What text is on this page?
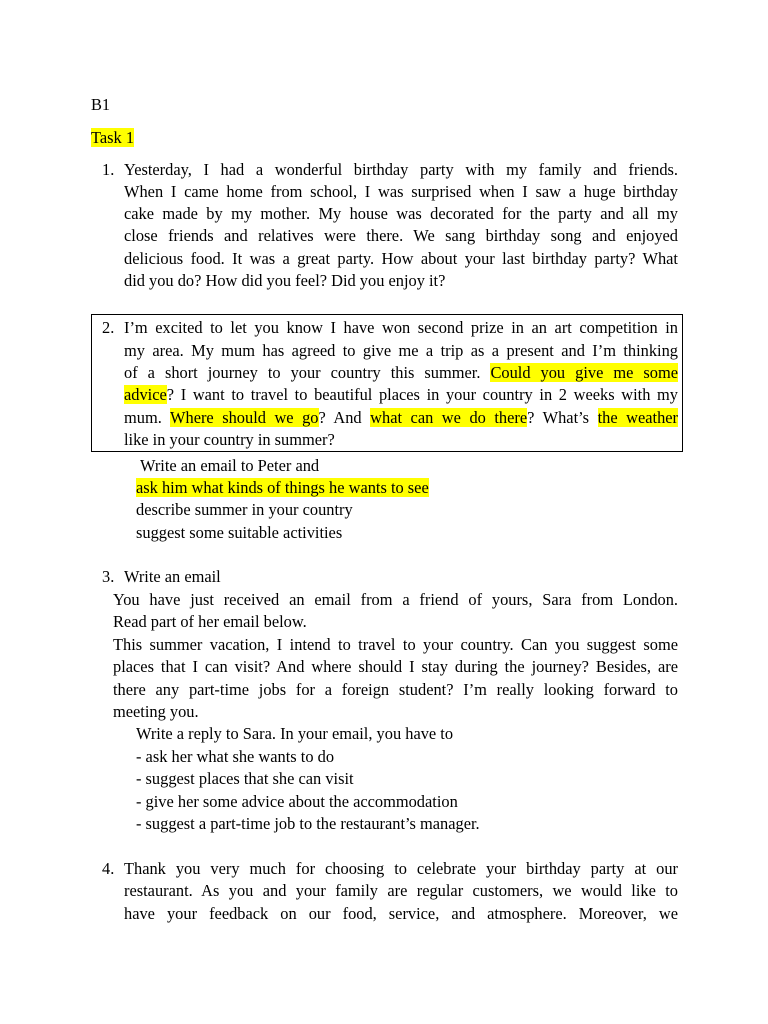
B1
Task 1
1. Yesterday, I had a wonderful birthday party with my family and friends.
When I came home from school, I was surprised when I saw a huge birthday
cake made by my mother. My house was decorated for the party and all my
close friends and relatives were there. We sang birthday song and enjoyed
delicious food. It was a great party. How about your last birthday party? What
did you do? How did you feel? Did you enjoy it?
2. I’m excited to let you know I have won second prize in an art competition in
my area. My mum has agreed to give me a trip as a present and I’m thinking
of a short journey to your country this summer. Could you give me some
advice? I want to travel to beautiful places in your country in 2 weeks with my
mum. Where should we go? And what can we do there? What’s the weather
like in your country in summer?
Write an email to Peter and
ask him what kinds of things he wants to see
describe summer in your country
suggest some suitable activities
3. Write an email
You have just received an email from a friend of yours, Sara from London.
Read part of her email below.
This summer vacation, I intend to travel to your country. Can you suggest some
places that I can visit? And where should I stay during the journey? Besides, are
there any part-time jobs for a foreign student? I’m really looking forward to
meeting you.
Write a reply to Sara. In your email, you have to
- ask her what she wants to do
- suggest places that she can visit
- give her some advice about the accommodation
- suggest a part-time job to the restaurant’s manager.
4. Thank you very much for choosing to celebrate your birthday party at our
restaurant. As you and your family are regular customers, we would like to
have your feedback on our food, service, and atmosphere. Moreover, we
